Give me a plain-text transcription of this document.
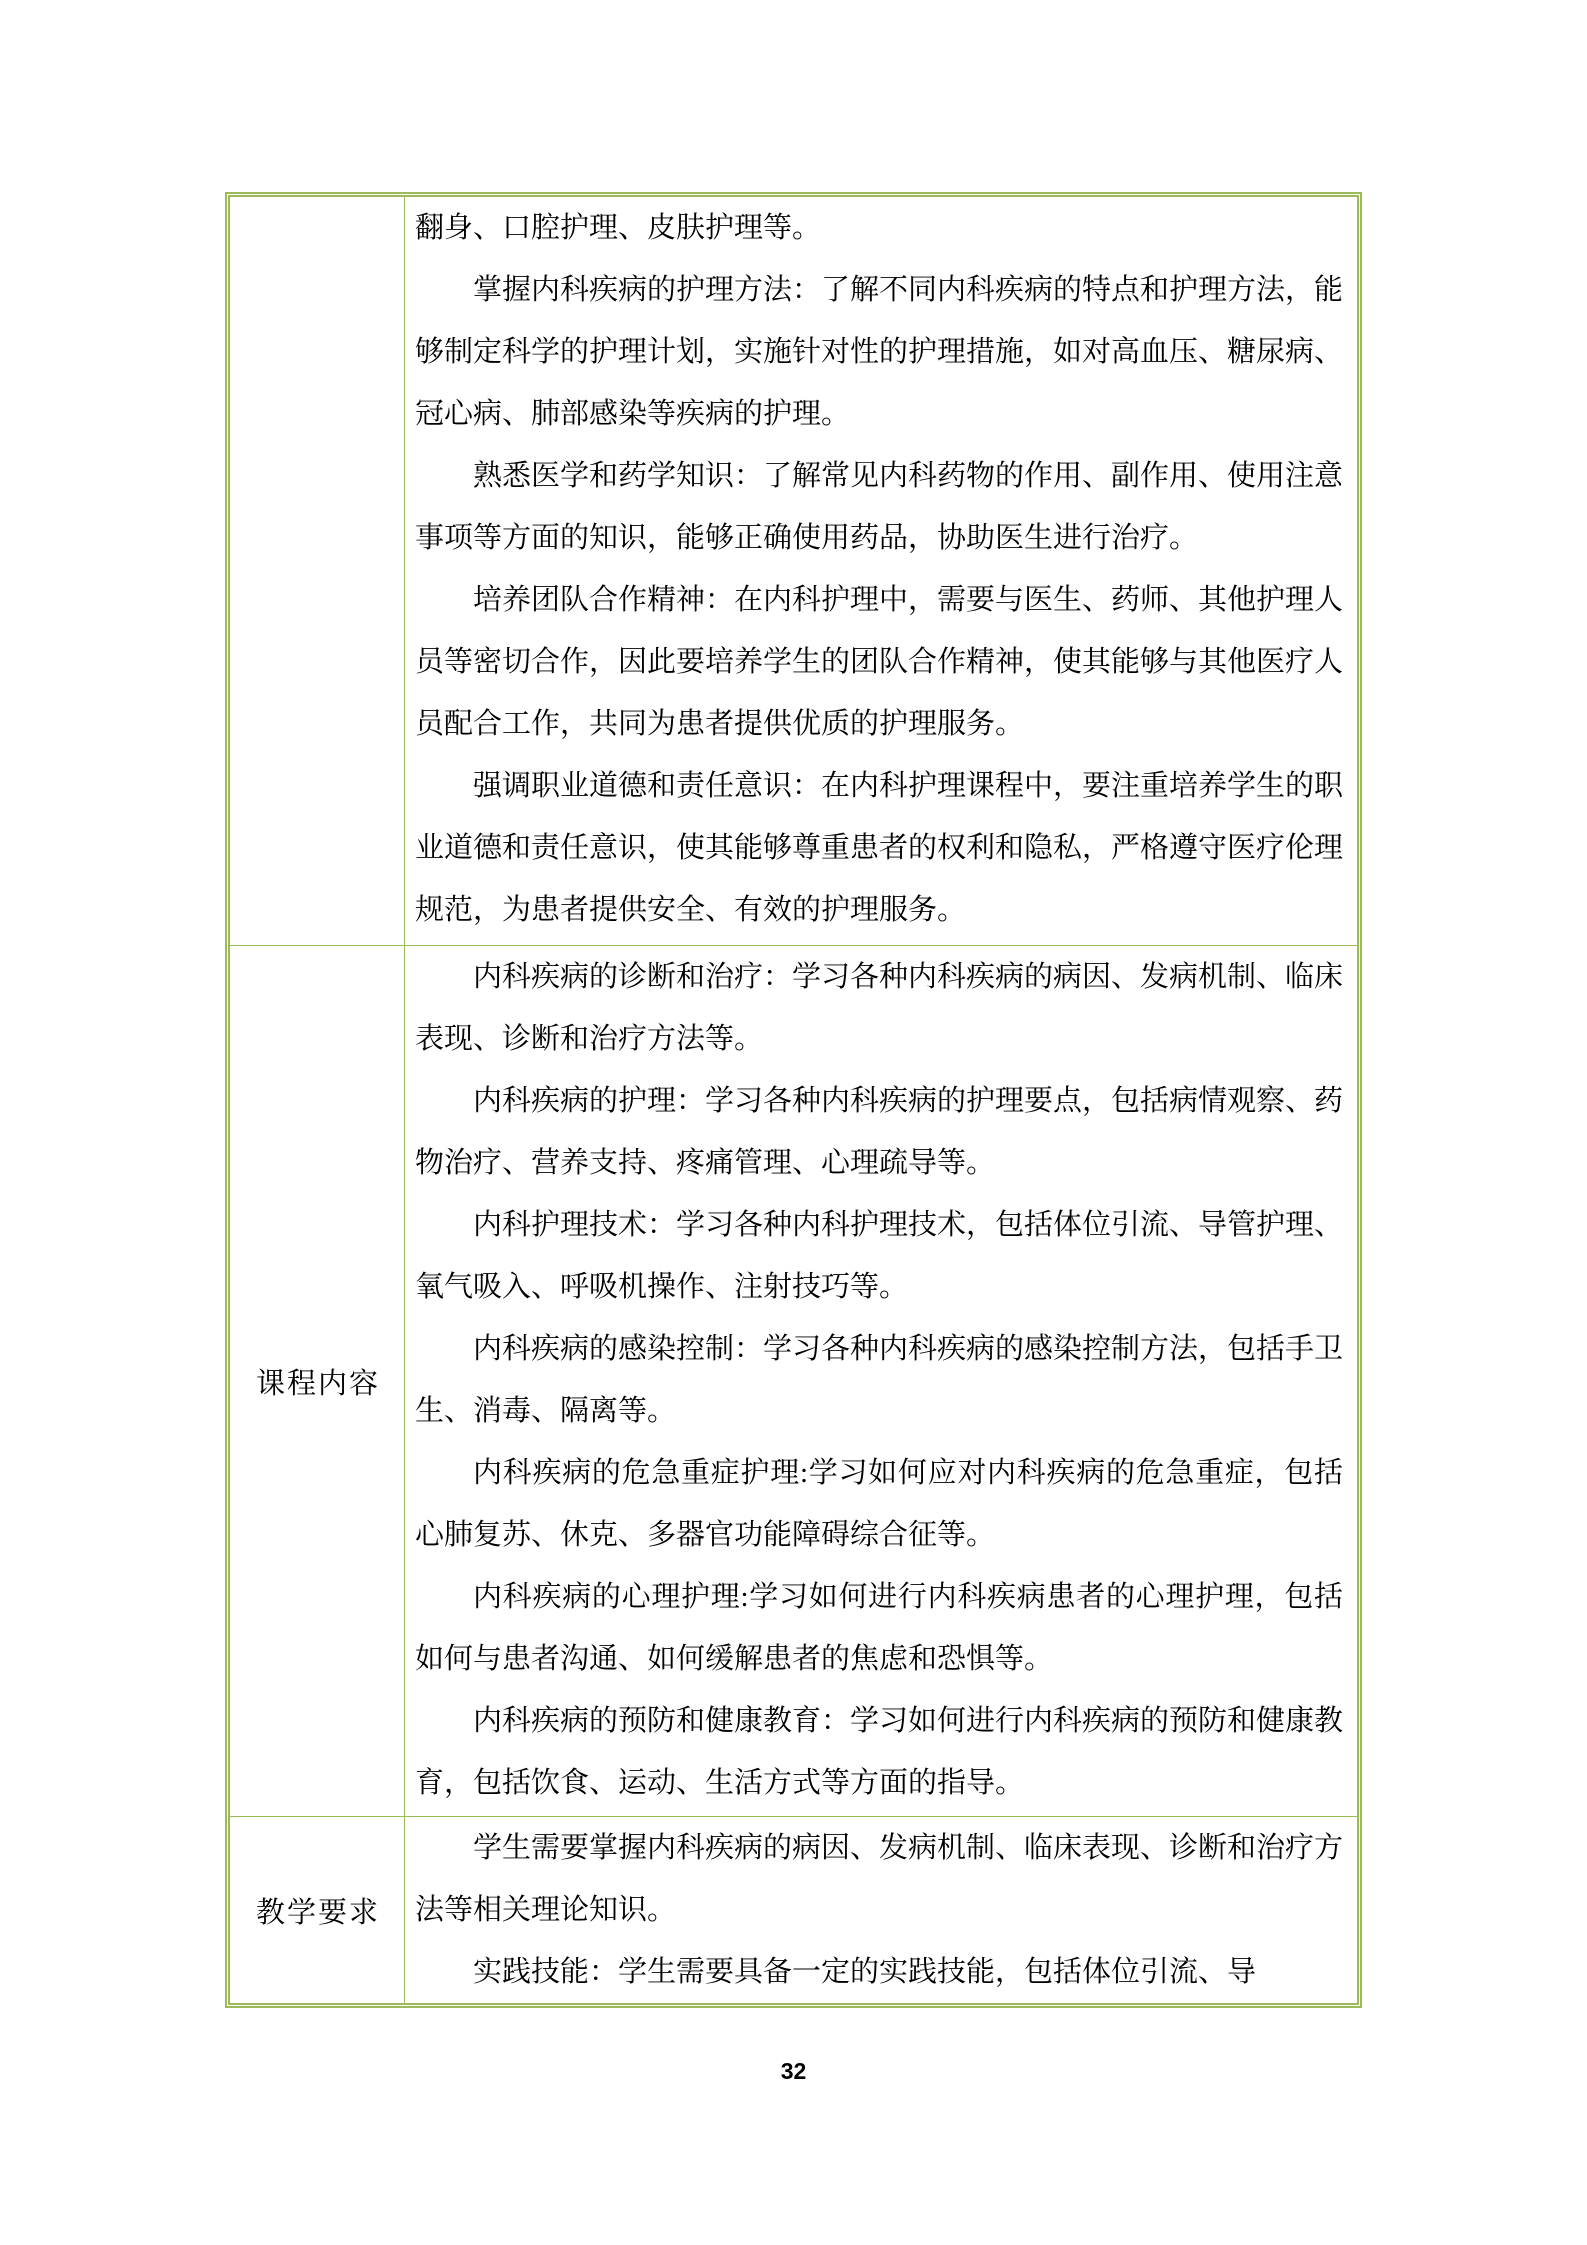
翻身、口腔护理、皮肤护理等。

掌握内科疾病的护理方法：了解不同内科疾病的特点和护理方法，能够制定科学的护理计划，实施针对性的护理措施，如对高血压、糖尿病、冠心病、肺部感染等疾病的护理。

熟悉医学和药学知识：了解常见内科药物的作用、副作用、使用注意事项等方面的知识，能够正确使用药品，协助医生进行治疗。

培养团队合作精神：在内科护理中，需要与医生、药师、其他护理人员等密切合作，因此要培养学生的团队合作精神，使其能够与其他医疗人员配合工作，共同为患者提供优质的护理服务。

强调职业道德和责任意识：在内科护理课程中，要注重培养学生的职业道德和责任意识，使其能够尊重患者的权利和隐私，严格遵守医疗伦理规范，为患者提供安全、有效的护理服务。

课程内容

内科疾病的诊断和治疗：学习各种内科疾病的病因、发病机制、临床表现、诊断和治疗方法等。

内科疾病的护理：学习各种内科疾病的护理要点，包括病情观察、药物治疗、营养支持、疼痛管理、心理疏导等。

内科护理技术：学习各种内科护理技术，包括体位引流、导管护理、氧气吸入、呼吸机操作、注射技巧等。

内科疾病的感染控制：学习各种内科疾病的感染控制方法，包括手卫生、消毒、隔离等。

内科疾病的危急重症护理:学习如何应对内科疾病的危急重症，包括心肺复苏、休克、多器官功能障碍综合征等。

内科疾病的心理护理:学习如何进行内科疾病患者的心理护理，包括如何与患者沟通、如何缓解患者的焦虑和恐惧等。

内科疾病的预防和健康教育：学习如何进行内科疾病的预防和健康教育，包括饮食、运动、生活方式等方面的指导。

教学要求

学生需要掌握内科疾病的病因、发病机制、临床表现、诊断和治疗方法等相关理论知识。

实践技能：学生需要具备一定的实践技能，包括体位引流、导

32
